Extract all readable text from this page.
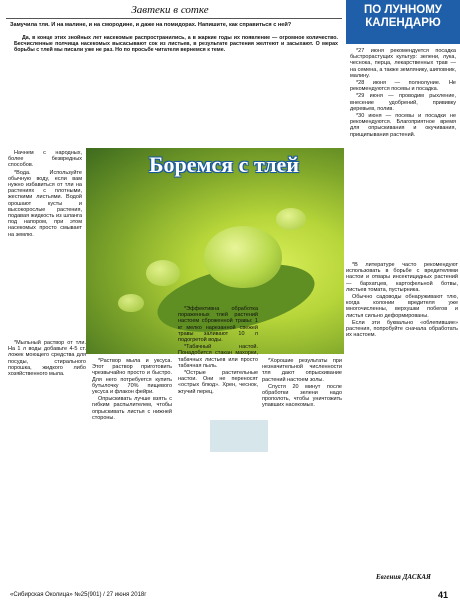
Завтеки в сотке
Замучила тля. И на малине, и на смородине, и даже на помидорах. Напишите, как справиться с ней?
Да, в конце этих знойных лет насекомые распространились, а в жаркие годы их появление — огромное количество. Бесчисленные полчища насекомых высасывают сок из листьев, в результате растения желтеют и засыхают. О мерах борьбы с тлей мы писали уже не раз. Но по просьбе читателя вернемся к теме.
Боремся с тлей

Начнем с народных, более безвредных способов.

*Вода. Используйте обычную воду, если вам нужно избавиться от тли на растениях с плотными, жесткими листьями. Водой орошают кусты и высокорослые растения, подавая жидкость из шланга под напором, при этом насекомых просто смывает на землю.

*Мыльный раствор от тли. На 1 л воды добавьте 4-5 ст. ложек моющего средства для посуды, стирального порошка, жидкого либо хозяйственного мыла.

*Раствор мыла и уксуса. Этот раствор приготовить чрезвычайно просто и быстро. Для него потребуется купить бутылочку 70% пищевого уксуса и флакон фейри.

Опрыскивать лучше взять с гибким распылителем, чтобы опрыскивать листья с нижней стороны.

*Эффективна обработка пораженных тлей растений настоем сброженной травы: 1 кг мелко нарезанной свежей травы заливают 10 л подогретой воды.

*Табачный настой. Понадобится стакан махорки, табачных листьев или просто табачная пыль.

*Острые растительные настои. Они не переносят «острых блюд». Хрен, чеснок, жгучий перец.

*Хорошие результаты при незначительной численности тля дают опрыскивание растений настоем золы.

Спустя 20 минут после обработки зелени надо прополоть, чтобы уничтожить упавших насекомых.

ПО ЛУННОМУ КАЛЕНДАРЮ

*27 июня рекомендуется посадка быстрорастущих культур: зелени, лука, чеснока, перца, лекарственных трав — на семена, а также землянику, шиповник, малину.

*28 июня — полнолуние. Не рекомендуются посевы и посадка.

*29 июня — проводим рыхление, внесение удобрений, прививку деревьев, полив.

*30 июня — посевы и посадки не рекомендуются. Благоприятное время для опрыскивания и окучивания, прищипывания растений.

*В литературе часто рекомендуют использовать в борьбе с вредителями настои и отвары инсектицидных растений — бархатцев, картофельной ботвы, листьев томата, пустырника.

Обычно садоводы обнаруживают тлю, когда колонии вредителя уже многочисленны, верхушки побегов и листья сильно деформированы.

Если эти буквально «облепившие» растения, попробуйте сначала обработать их настоем.

Евгения ДАСКАЯ
«Сибирская Околица» №25(901) / 27 июня 2018г	41
